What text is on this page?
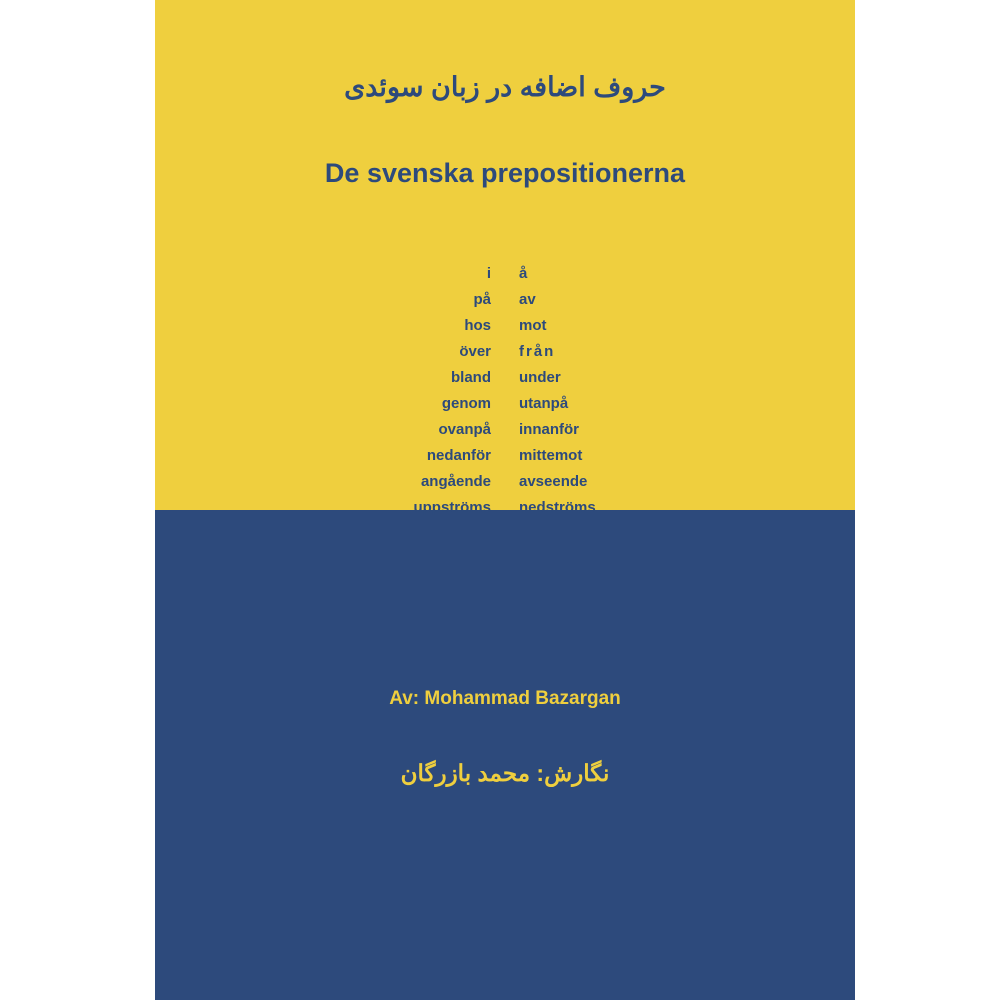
حروف اضافه در زبان سوئدی
De svenska prepositionerna
i	å
på	av
hos	mot
över	från
bland	under
genom	utanpå
ovanpå	innanför
nedanför	mittemot
angående	avseende
uppströms	nedströms
Av: Mohammad Bazargan
نگارش: محمد بازرگان
